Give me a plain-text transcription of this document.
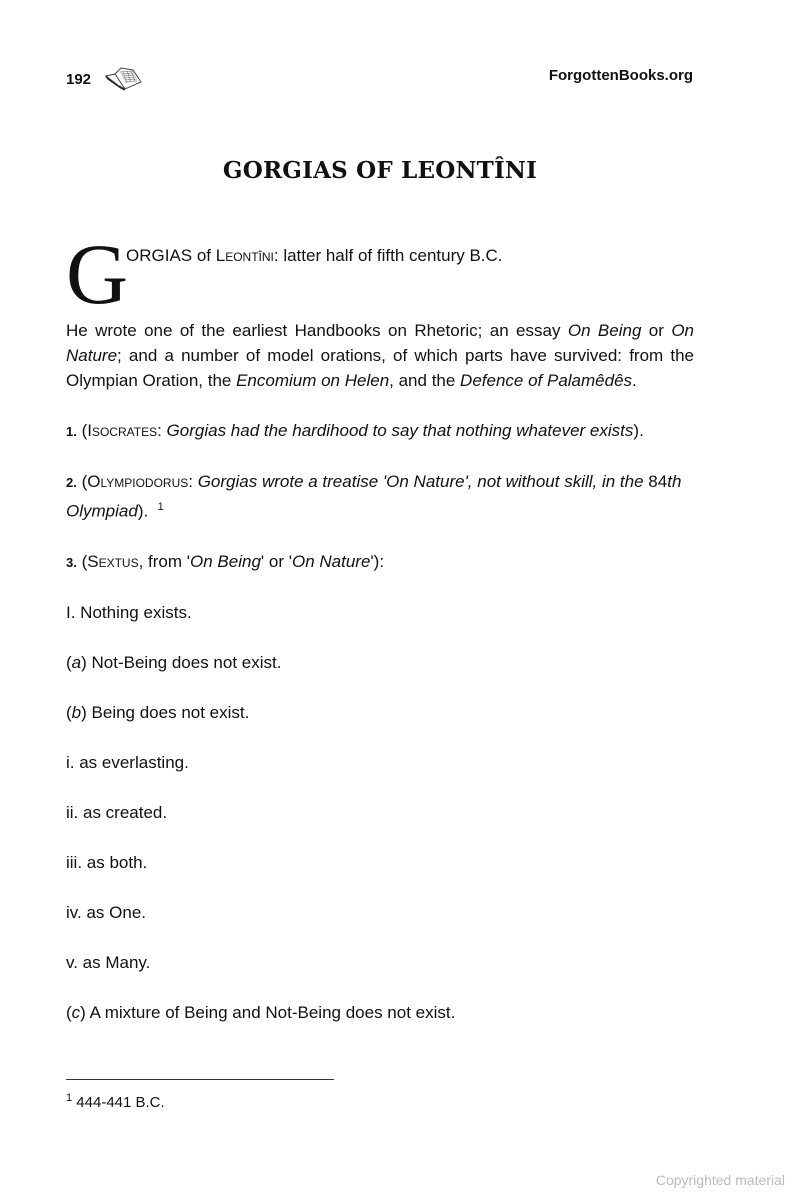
192	ForgottenBooks.org
GORGIAS OF LEONTÎNI
G
ORGIAS of Leontîni: latter half of fifth century B.C.

He wrote one of the earliest Handbooks on Rhetoric; an essay On Being or On Nature; and a number of model orations, of which parts have survived: from the Olympian Oration, the Encomium on Helen, and the Defence of Palamêdês.

1. (Isocrates: Gorgias had the hardihood to say that nothing whatever exists).

2. (Olympiodorus: Gorgias wrote a treatise 'On Nature', not without skill, in the 84th Olympiad). $^1$

3. (Sextus, from 'On Being' or 'On Nature'):

I. Nothing exists.

(a) Not-Being does not exist.

(b) Being does not exist.

i. as everlasting.

ii. as created.

iii. as both.

iv. as One.

v. as Many.

(c) A mixture of Being and Not-Being does not exist.

$^1$ 444-441 B.C.
Copyrighted material
